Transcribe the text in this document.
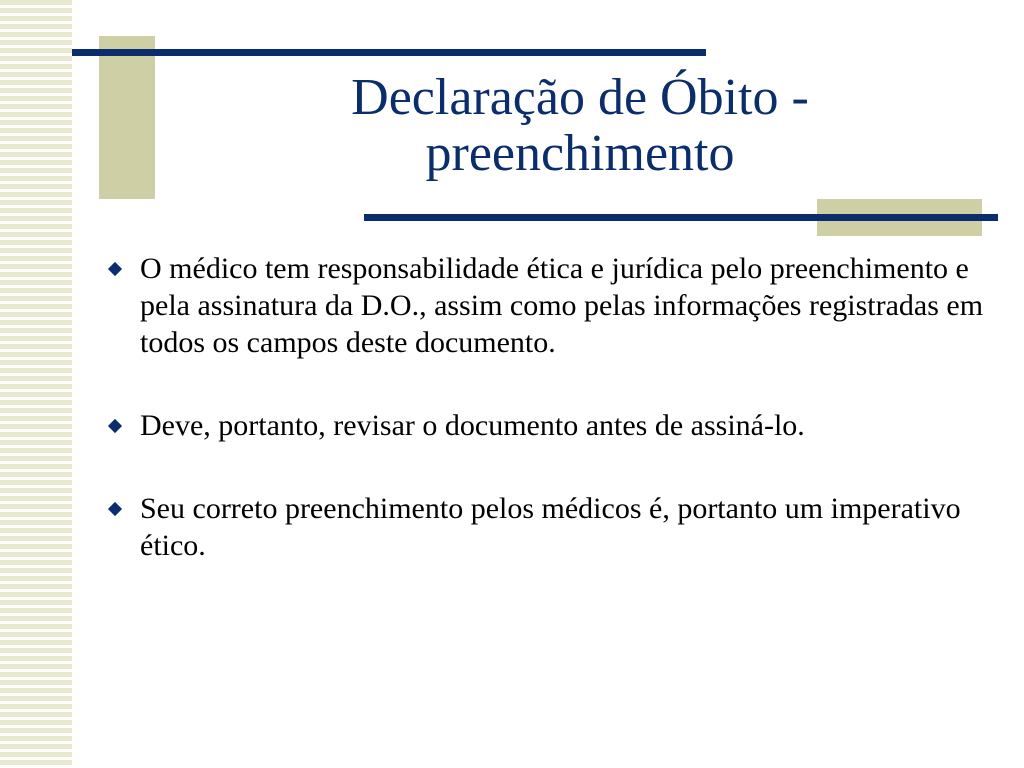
Declaração de Óbito -
preenchimento
O médico tem responsabilidade ética e jurídica pelo preenchimento e pela assinatura da D.O., assim como pelas informações registradas em todos os campos deste documento.
Deve, portanto, revisar o documento antes de assiná-lo.
Seu correto preenchimento pelos médicos é, portanto um imperativo ético.
